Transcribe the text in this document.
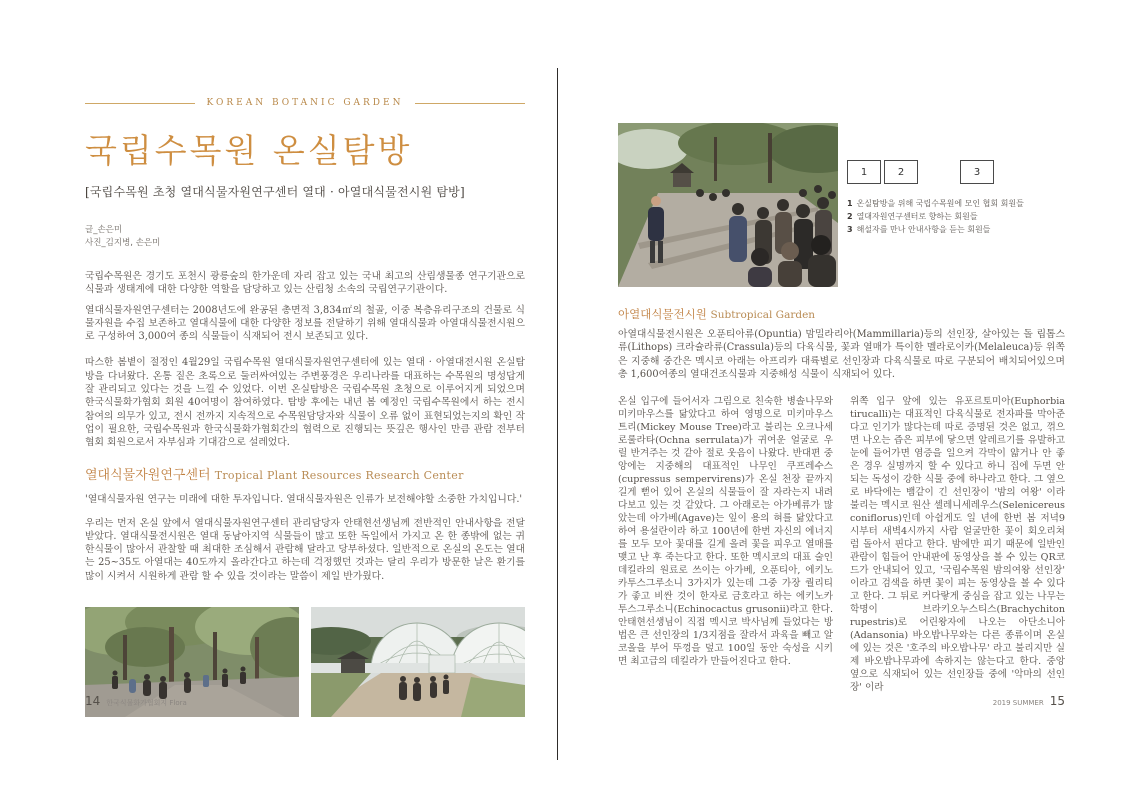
KOREAN BOTANIC GARDEN
국립수목원 온실탐방
[국립수목원 초청 열대식물자원연구센터 열대 · 아열대식물전시원 탐방]
글_손은미
사진_김지병, 손은미

국립수목원은 경기도 포천시 광릉숲의 한가운데 자리 잡고 있는 국내 최고의 산림생물종 연구기관으로 식물과 생태계에 대한 다양한 역할을 담당하고 있는 산림청 소속의 국립연구기관이다.

열대식물자원연구센터는 2008년도에 완공된 총면적 3,834㎡의 철골, 이중 복층유리구조의 건물로 식물자원을 수집 보존하고 열대식물에 대한 다양한 정보를 전달하기 위해 열대식물과 아열대식물전시원으로 구성하여 3,000여 종의 식물들이 식재되어 전시 보존되고 있다.

따스한 봄볕이 절정인 4월29일 국립수목원 열대식물자원연구센터에 있는 열대 · 아열대전시원 온실탐방을 다녀왔다. 온통 짙은 초록으로 둘러싸여있는 주변풍경은 우리나라를 대표하는 수목원의 명성답게 잘 관리되고 있다는 것을 느낄 수 있었다. 이번 온실탐방은 국립수목원 초청으로 이루어지게 되었으며 한국식물화가협회 회원 40여명이 참여하였다. 탐방 후에는 내년 봄 예정인 국립수목원에서 하는 전시 참여의 의무가 있고, 전시 전까지 지속적으로 수목원담당자와 식물이 오류 없이 표현되었는지의 확인 작업이 필요한, 국립수목원과 한국식물화가협회간의 협력으로 진행되는 뜻깊은 행사인 만큼 관람 전부터 협회 회원으로서 자부심과 기대감으로 설레었다.

열대식물자원연구센터 Tropical Plant Resources Research Center
'열대식물자원 연구는 미래에 대한 투자입니다. 열대식물자원은 인류가 보전해야할 소중한 가치입니다.'
우리는 먼저 온실 앞에서 열대식물자원연구센터 관리담당자 안태현선생님께 전반적인 안내사항을 전달 받았다. 열대식물전시원은 열대 동남아지역 식물들이 많고 또한 독일에서 가지고 온 한 종밖에 없는 귀한식물이 많아서 관찰할 때 최대한 조심해서 관람해 달라고 당부하셨다. 일반적으로 온실의 온도는 열대는 25~35도 아열대는 40도까지 올라간다고 하는데 걱정했던 것과는 달리 우리가 방문한 날은 환기를 많이 시켜서 시원하게 관람 할 수 있을 것이라는 말씀이 제일 반가웠다.
1	2	3
1 온실탐방을 위해 국립수목원에 모인 협회 회원들
2 열대자원연구센터로 향하는 회원들
3 해설자를 만나 안내사항을 듣는 회원들
아열대식물전시원 Subtropical Garden
아열대식물전시원은 오푼티아류(Opuntia) 맘밀라리아(Mammillaria)등의 선인장, 살아있는 돌 립톱스류(Lithops) 크라슐라류(Crassula)등의 다육식물, 꽃과 열매가 특이한 멜라로이카(Melaleuca)등 위쪽은 지중해 중간은 멕시코 아래는 아프리카 대륙별로 선인장과 다육식물로 따로 구분되어 배치되어있으며 총 1,600여종의 열대건조식물과 지중해성 식물이 식재되어 있다.
온실 입구에 들어서자 그림으로 친숙한 병솔나무와 미키마우스를 닮았다고 하여 영명으로 미키마우스트리(Mickey Mouse Tree)라고 불리는 오크나세로룰라타(Ochna serrulata)가 귀여운 얼굴로 우릴 반겨주는 것 같아 절로 웃음이 나왔다. 반대편 중앙에는 지중해의 대표적인 나무인 쿠프레수스(cupressus sempervirens)가 온실 천장 끝까지 길게 뻗어 있어 온실의 식물들이 잘 자라는지 내려다보고 있는 것 같았다. 그 아래로는 아가베류가 많았는데 아가베(Agave)는 잎이 용의 혀를 닮았다고 하여 용설란이라 하고 100년에 한번 자신의 에너지를 모두 모아 꽃대를 길게 올려 꽃을 피우고 열매를 맺고 난 후 죽는다고 한다. 또한 멕시코의 대표 술인 데킬라의 원료로 쓰이는 아가베, 오푼티아, 에키노카투스그루소니 3가지가 있는데 그중 가장 퀄리티가 좋고 비싼 것이 한자로 금호라고 하는 에키노카투스그루소니(Echinocactus grusonii)라고 한다. 안태현선생님이 직접 멕시코 박사님께 들었다는 방법은 큰 선인장의 1/3지점을 잘라서 과육을 빼고 알코올을 부어 뚜껑을 덮고 100일 동안 숙성을 시키면 최고급의 데킬라가 만들어진다고 한다.
위쪽 입구 앞에 있는 유포르토미아(Euphorbia tirucalli)는 대표적인 다육식물로 전자파를 막아준다고 인기가 많다는데 따로 증명된 것은 없고, 꺾으면 나오는 즙은 피부에 닿으면 알레르기를 유발하고 눈에 들어가면 염증을 일으켜 각막이 얇거나 안 좋은 경우 실명까지 할 수 있다고 하니 집에 두면 안 되는 독성이 강한 식물 중에 하나라고 한다. 그 옆으로 바닥에는 뱀같이 긴 선인장이 '밤의 여왕' 이라 불리는 멕시코 원산 셀레니세레우스(Selenicereus coniflorus)인데 아쉽게도 일 년에 한번 봄 저녁9시부터 새벽4시까지 사람 얼굴만한 꽃이 회오리쳐럼 돌아서 핀다고 한다. 밤에만 피기 때문에 일반인 관람이 힘들어 안내판에 동영상을 볼 수 있는 QR코드가 안내되어 있고, '국립수목원 밤의여왕 선인장' 이라고 검색을 하면 꽃이 피는 동영상을 볼 수 있다고 한다. 그 뒤로 커다랗게 중심을 잡고 있는 나무는 학명이 브라키오누스티스(Brachychiton rupestris)로 어린왕자에 나오는 아단소니아(Adansonia) 바오밥나무와는 다른 종류이며 온실에 있는 것은 '호주의 바오밥나무' 라고 불리지만 실제 바오밥나무과에 속하지는 않는다고 한다. 중앙 옆으로 식재되어 있는 선인장들 중에 '악마의 선인장' 이라
14 한국식물화가협회지 Flora	2019 SUMMER 15
